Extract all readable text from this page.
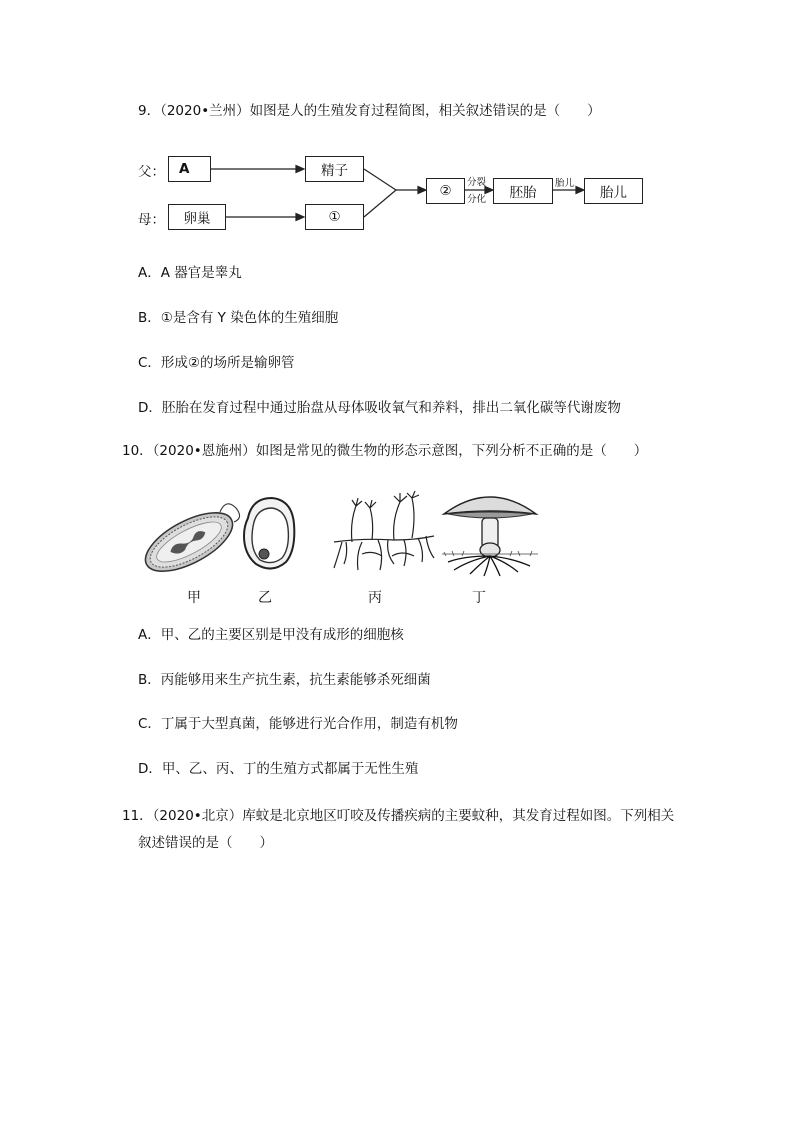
9．（2020•兰州）如图是人的生殖发育过程简图，相关叙述错误的是（　　）
父：
母：
A	精子
卵巢	①
②
分裂
分化	胚胎
胎儿
胎儿
A．A 器官是睾丸
B．①是含有 Y 染色体的生殖细胞
C．形成②的场所是输卵管
D．胚胎在发育过程中通过胎盘从母体吸收氧气和养料，排出二氧化碳等代谢废物
10．（2020•恩施州）如图是常见的微生物的形态示意图，下列分析不正确的是（　　）
甲	乙	丙	丁
A．甲、乙的主要区别是甲没有成形的细胞核
B．丙能够用来生产抗生素，抗生素能够杀死细菌
C．丁属于大型真菌，能够进行光合作用，制造有机物
D．甲、乙、丙、丁的生殖方式都属于无性生殖
11．（2020•北京）库蚊是北京地区叮咬及传播疾病的主要蚊种，其发育过程如图。下列相关
叙述错误的是（　　）
